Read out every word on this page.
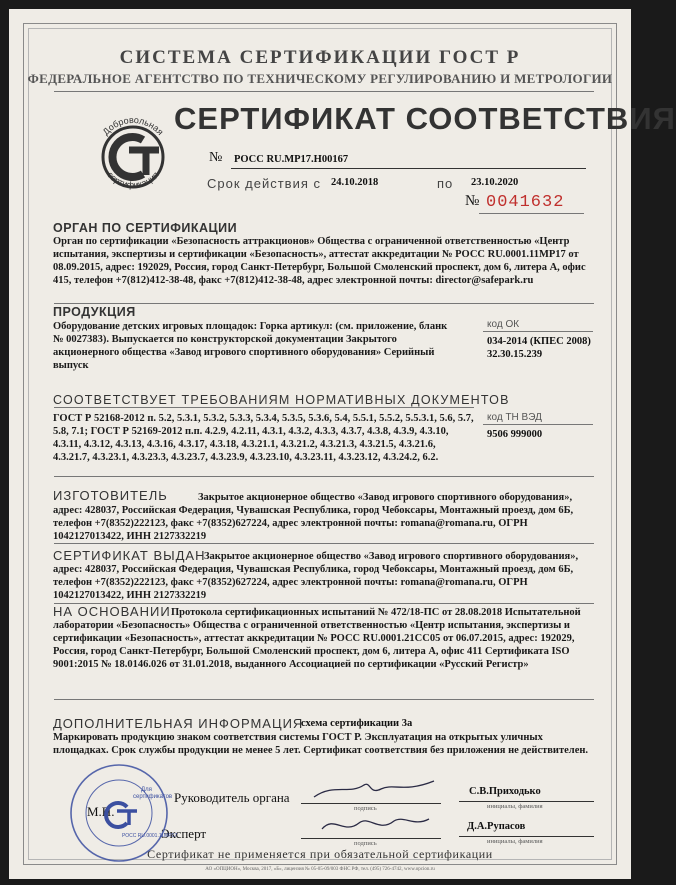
СИСТЕМА СЕРТИФИКАЦИИ ГОСТ Р
ФЕДЕРАЛЬНОЕ АГЕНТСТВО ПО ТЕХНИЧЕСКОМУ РЕГУЛИРОВАНИЮ И МЕТРОЛОГИИ
Добровольная
сертификация
СЕРТИФИКАТ СООТВЕТСТВИЯ
№ РОСС RU.МР17.Н00167
Срок действия с 24.10.2018	по 23.10.2020
№ 0041632
ОРГАН ПО СЕРТИФИКАЦИИ
Орган по сертификации «Безопасность аттракционов» Общества с ограниченной ответственностью «Центр испытания, экспертизы и сертификации «Безопасность», аттестат аккредитации № РОСС RU.0001.11МР17 от 08.09.2015, адрес: 192029, Россия, город Санкт-Петербург, Большой Смоленский проспект, дом 6, литера А, офис 415, телефон +7(812)412-38-48, факс +7(812)412-38-48, адрес электронной почты: director@safepark.ru
ПРОДУКЦИЯ
Оборудование детских игровых площадок: Горка артикул: (см. приложение, бланк № 0027383). Выпускается по конструкторской документации Закрытого акционерного общества «Завод игрового спортивного оборудования» Серийный выпуск
код ОК
034-2014 (КПЕС 2008)
32.30.15.239
СООТВЕТСТВУЕТ ТРЕБОВАНИЯМ НОРМАТИВНЫХ ДОКУМЕНТОВ
ГОСТ Р 52168-2012 п. 5.2, 5.3.1, 5.3.2, 5.3.3, 5.3.4, 5.3.5, 5.3.6, 5.4, 5.5.1, 5.5.2, 5.5.3.1, 5.6, 5.7, 5.8, 7.1; ГОСТ Р 52169-2012 п.п. 4.2.9, 4.2.11, 4.3.1, 4.3.2, 4.3.3, 4.3.7, 4.3.8, 4.3.9, 4.3.10, 4.3.11, 4.3.12, 4.3.13, 4.3.16, 4.3.17, 4.3.18, 4.3.21.1, 4.3.21.2, 4.3.21.3, 4.3.21.5, 4.3.21.6, 4.3.21.7, 4.3.23.1, 4.3.23.3, 4.3.23.7, 4.3.23.9, 4.3.23.10, 4.3.23.11, 4.3.23.12, 4.3.24.2, 6.2.
код ТН ВЭД
9506 999000
ИЗГОТОВИТЕЛЬ	Закрытое акционерное общество «Завод игрового спортивного оборудования», адрес: 428037, Российская Федерация, Чувашская Республика, город Чебоксары, Монтажный проезд, дом 6Б, телефон +7(8352)222123, факс +7(8352)627224, адрес электронной почты: romana@romana.ru, ОГРН 1042127013422, ИНН 2127332219
СЕРТИФИКАТ ВЫДАН
Закрытое акционерное общество «Завод игрового спортивного оборудования», адрес: 428037, Российская Федерация, Чувашская Республика, город Чебоксары, Монтажный проезд, дом 6Б, телефон +7(8352)222123, факс +7(8352)627224, адрес электронной почты: romana@romana.ru, ОГРН 1042127013422, ИНН 2127332219
НА ОСНОВАНИИ Протокола сертификационных испытаний № 472/18-ПС от 28.08.2018 Испытательной лаборатории «Безопасность» Общества с ограниченной ответственностью «Центр испытания, экспертизы и сертификации «Безопасность», аттестат аккредитации № РОСС RU.0001.21СС05 от 06.07.2015, адрес: 192029, Россия, город Санкт-Петербург, Большой Смоленский проспект, дом 6, литера А, офис 411 Сертификата ISO 9001:2015 № 18.0146.026 от 31.01.2018, выданного Ассоциацией по сертификации «Русский Регистр»
ДОПОЛНИТЕЛЬНАЯ ИНФОРМАЦИЯ
схема сертификации 3а
Маркировать продукцию знаком соответствия системы ГОСТ Р. Эксплуатация на открытых уличных площадках. Срок службы продукции не менее 5 лет. Сертификат соответствия без приложения не действителен.
Руководитель органа
подпись
С.В.Приходько
инициалы, фамилия
Эксперт
подпись
Д.А.Рупасов
инициалы, фамилия
М.П.
Для
сертификатов
РОСС RU.0001.11МР17
Сертификат не применяется при обязательной сертификации
АО «ОПЦИОН», Москва, 2017, «Б», лицензия № 05-05-09/003 ФНС РФ, тел. (495) 726-4742, www.opcion.ru
